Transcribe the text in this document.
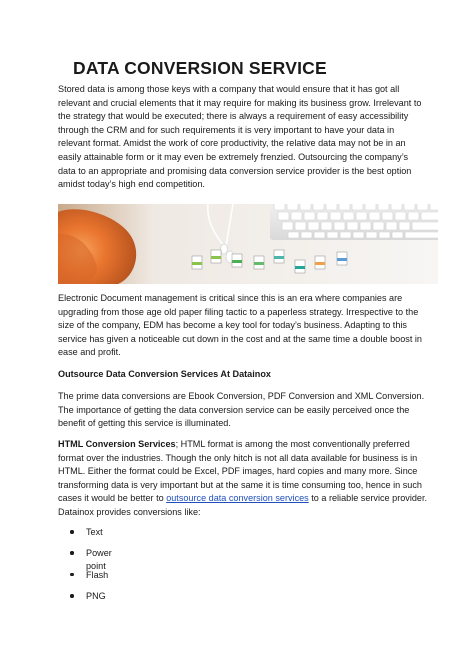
DATA CONVERSION SERVICE
Stored data is among those keys with a company that would ensure that it has got all
relevant and crucial elements that it may require for making its business grow. Irrelevant to
the strategy that would be executed; there is always a requirement of easy accessibility
through the CRM and for such requirements it is very important to have your data in
relevant format. Amidst the work of core productivity, the relative data may not be in an
easily attainable form or it may even be extremely frenzied. Outsourcing the company’s
data to an appropriate and promising data conversion service provider is the best option
amidst today’s high end competition.
Electronic Document management is critical since this is an era where companies are
upgrading from those age old paper filing tactic to a paperless strategy. Irrespective to the
size of the company, EDM has become a key tool for today’s business. Adapting to this
service has given a noticeable cut down in the cost and at the same time a double boost in
ease and profit.
Outsource Data Conversion Services At Datainox
The prime data conversions are Ebook Conversion, PDF Conversion and XML Conversion.
The importance of getting the data conversion service can be easily perceived once the
benefit of getting this service is illuminated.
HTML Conversion Services; HTML format is among the most conventionally preferred
format over the industries. Though the only hitch is not all data available for business is in
HTML. Either the format could be Excel, PDF images, hard copies and many more. Since
transforming data is very important but at the same it is time consuming too, hence in such
cases it would be better to outsource data conversion services to a reliable service provider.
Datainox provides conversions like:
Text
Power point
Flash
PNG
